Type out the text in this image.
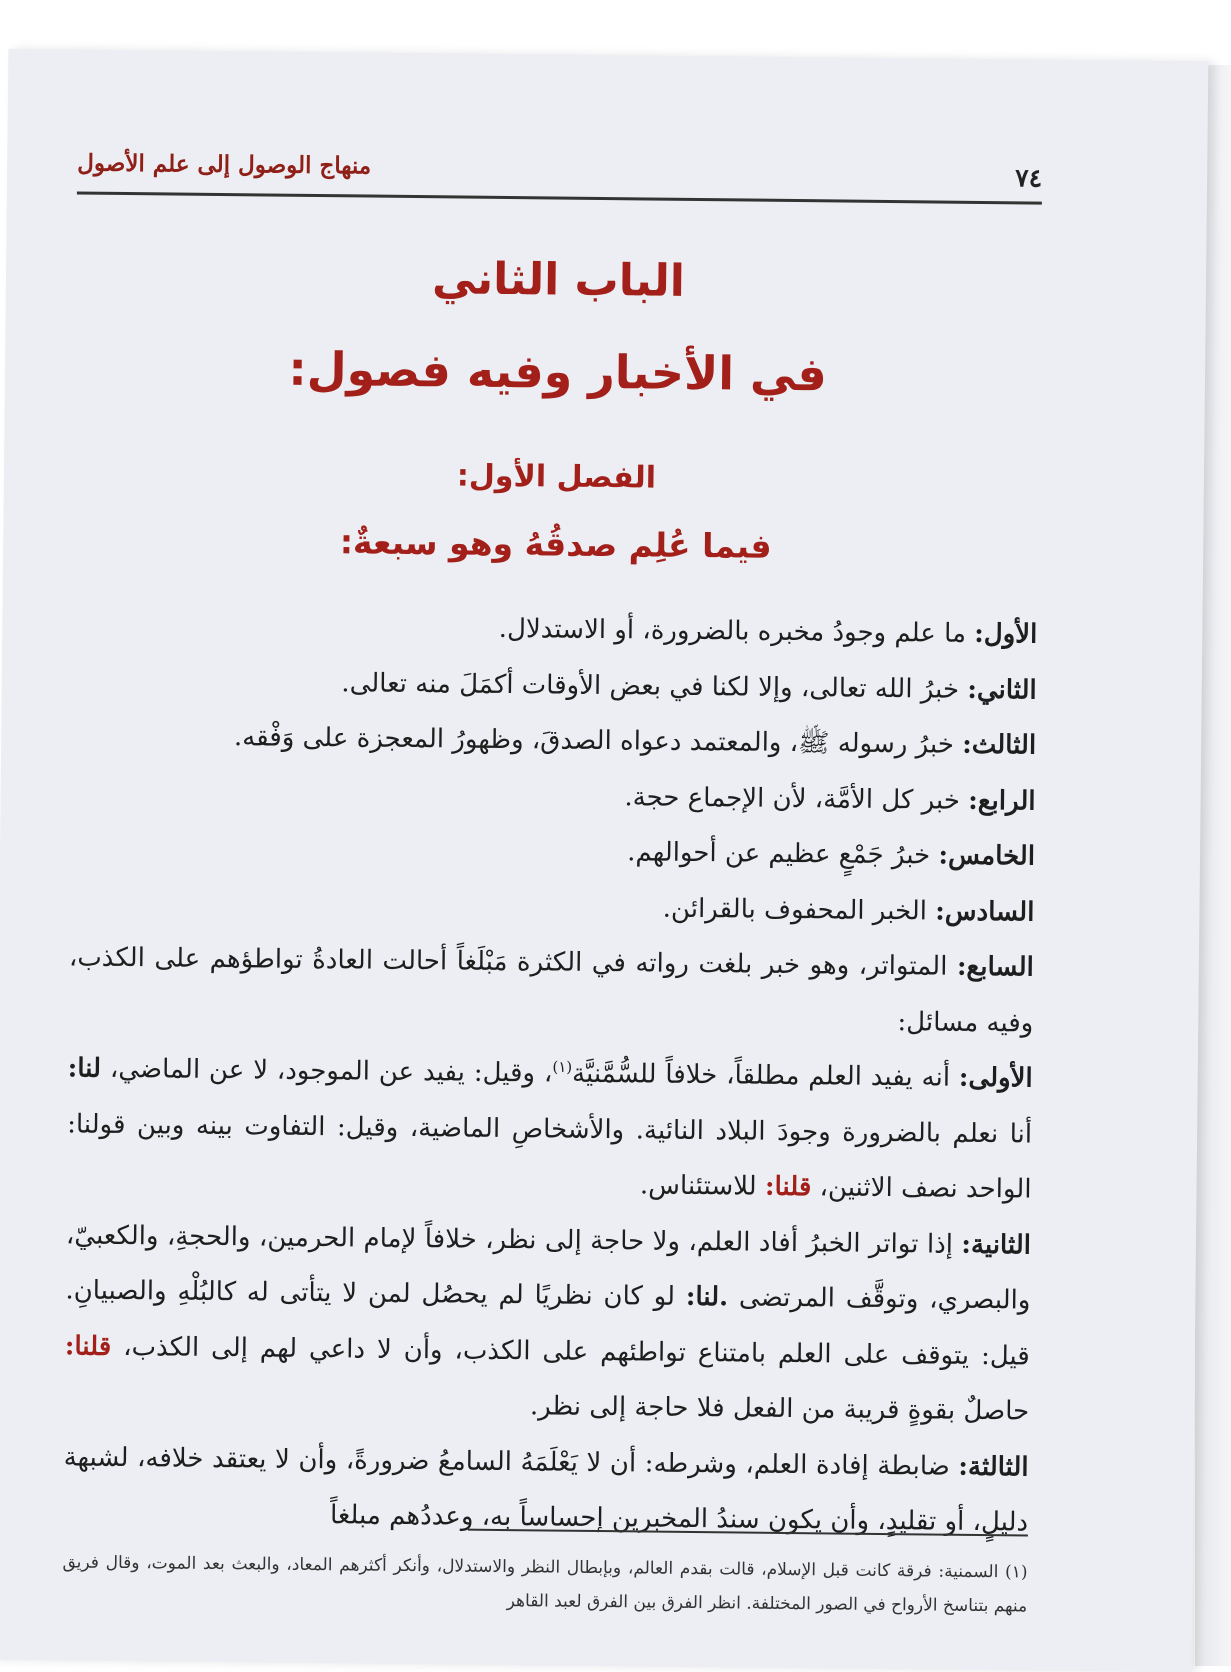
منهاج الوصول إلى علم الأصول	٧٤
الباب الثاني
في الأخبار وفيه فصول:
الفصل الأول:
فيما عُلِم صدقُهُ وهو سبعةٌ:

الأول: ما علم وجودُ مخبره بالضرورة، أو الاستدلال.

الثاني: خبرُ الله تعالى، وإلا لكنا في بعض الأوقات أكمَلَ منه تعالى.

الثالث: خبرُ رسوله ﷺ، والمعتمد دعواه الصدقَ، وظهورُ المعجزة على وَفْقه.

الرابع: خبر كل الأمَّة، لأن الإجماع حجة.

الخامس: خبرُ جَمْعٍ عظيم عن أحوالهم.

السادس: الخبر المحفوف بالقرائن.

السابع: المتواتر، وهو خبر بلغت رواته في الكثرة مَبْلَغاً أحالت العادةُ تواطؤهم على الكذب، وفيه مسائل:

الأولى: أنه يفيد العلم مطلقاً، خلافاً للسُّمَّنيَّة$^{(١)}$، وقيل: يفيد عن الموجود، لا عن الماضي، لنا: أنا نعلم بالضرورة وجودَ البلاد النائية. والأشخاصِ الماضية، وقيل: التفاوت بينه وبين قولنا: الواحد نصف الاثنين، قلنا: للاستئناس.

الثانية: إذا تواتر الخبرُ أفاد العلم، ولا حاجة إلى نظر، خلافاً لإمام الحرمين، والحجةِ، والكعبيّ، والبصري، وتوقَّف المرتضى .لنا: لو كان نظريًا لم يحصُل لمن لا يتأتى له كالبُلْهِ والصبيانِ. قيل: يتوقف على العلم بامتناع تواطئهم على الكذب، وأن لا داعي لهم إلى الكذب، قلنا: حاصلٌ بقوةٍ قريبة من الفعل فلا حاجة إلى نظر.

الثالثة: ضابطة إفادة العلم، وشرطه: أن لا يَعْلَمَهُ السامعُ ضرورةً، وأن لا يعتقد خلافه، لشبهة دليلٍ، أو تقليدٍ، وأن يكون سندُ المخبرين إحساساً به، وعددُهم مبلغاً

(١) السمنية: فرقة كانت قبل الإسلام، قالت بقدم العالم، وبإبطال النظر والاستدلال، وأنكر أكثرهم المعاد، والبعث بعد الموت، وقال فريق منهم بتناسخ الأرواح في الصور المختلفة. انظر الفرق بين الفرق لعبد القاهر
